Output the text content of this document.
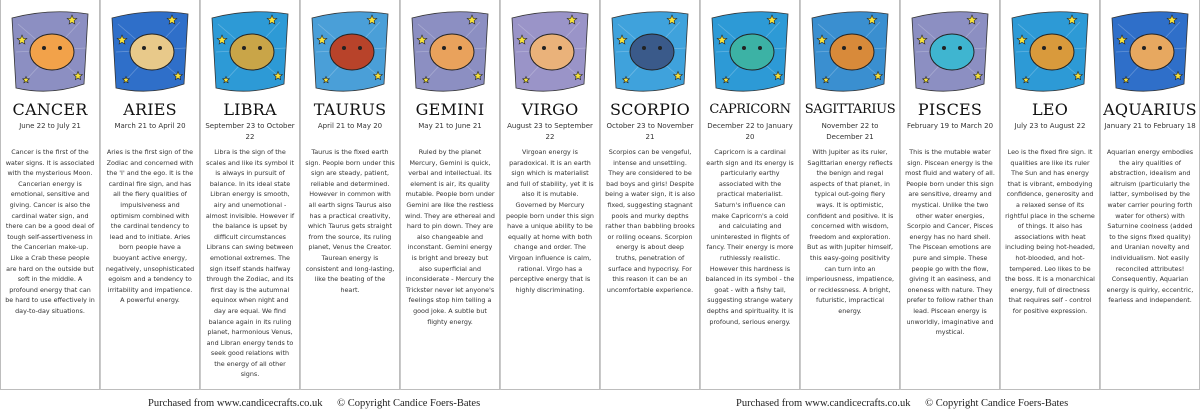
CANCER
June 22 to July 21
Cancer is the first of the water signs. It is associated with the mysterious Moon. Cancerian energy is emotional, sensitive and giving. Cancer is also the cardinal water sign, and there can be a good deal of tough self-assertiveness in the Cancerian make-up. Like a Crab these people are hard on the outside but soft in the middle. A profound energy that can be hard to use effectively in day-to-day situations.
ARIES
March 21 to April 20
Aries is the first sign of the Zodiac and concerned with the 'I' and the ego. It is the cardinal fire sign, and has all the fiery qualities of impulsiveness and optimism combined with the cardinal tendency to lead and to initiate. Aries born people have a buoyant active energy, negatively, unsophisticated egoism and a tendency to irritability and impatience. A powerful energy.
LIBRA
September 23 to October 22
Libra is the sign of the scales and like its symbol it is always in pursuit of balance. In its ideal state Libran energy is smooth, airy and unemotional - almost invisible. However if the balance is upset by difficult circumstances Librans can swing between emotional extremes. The sign itself stands halfway through the Zodiac, and its first day is the autumnal equinox when night and day are equal. We find balance again in its ruling planet, harmonious Venus, and Libran energy tends to seek good relations with the energy of all other signs.
TAURUS
April 21 to May 20
Taurus is the fixed earth sign. People born under this sign are steady, patient, reliable and determined. However in common with all earth signs Taurus also has a practical creativity, which Taurus gets straight from the source, its ruling planet, Venus the Creator. Taurean energy is consistent and long-lasting, like the beating of the heart.
GEMINI
May 21 to June 21
Ruled by the planet Mercury, Gemini is quick, verbal and intellectual. Its element is air, its quality mutable. People born under Gemini are like the restless wind. They are ethereal and hard to pin down. They are also changeable and inconstant. Gemini energy is bright and breezy but also superficial and inconsiderate - Mercury the Trickster never let anyone's feelings stop him telling a good joke. A subtle but flighty energy.
VIRGO
August 23 to September 22
Virgoan energy is paradoxical. It is an earth sign which is materialist and full of stability, yet it is also it is mutable. Governed by Mercury people born under this sign have a unique ability to be equally at home with both change and order. The Virgoan influence is calm, rational. Virgo has a perceptive energy that is highly discriminating.
SCORPIO
October 23 to November 21
Scorpios can be vengeful, intense and unsettling. They are considered to be bad boys and girls! Despite being a water sign, it is also fixed, suggesting stagnant pools and murky depths rather than babbling brooks or rolling oceans. Scorpion energy is about deep truths, penetration of surface and hypocrisy. For this reason it can be an uncomfortable experience.
CAPRICORN
December 22 to January 20
Capricorn is a cardinal earth sign and its energy is particularly earthy associated with the practical materialist. Saturn's influence can make Capricorn's a cold and calculating and uninterested in flights of fancy. Their energy is more ruthlessly realistic. However this hardness is balanced in its symbol - the goat - with a fishy tail, suggesting strange watery depths and spirituality. It is profound, serious energy.
SAGITTARIUS
November 22 to December 21
With Jupiter as its ruler, Sagittarian energy reflects the benign and regal aspects of that planet, in typical out-going fiery ways. It is optimistic, confident and positive. It is concerned with wisdom, freedom and exploration. But as with Jupiter himself, this easy-going positivity can turn into an imperiousness, impatience, or recklessness. A bright, futuristic, impractical energy.
PISCES
February 19 to March 20
This is the mutable water sign. Piscean energy is the most fluid and watery of all. People born under this sign are sensitive, dreamy and mystical. Unlike the two other water energies, Scorpio and Cancer, Pisces energy has no hard shell. The Piscean emotions are pure and simple. These people go with the flow, giving it an easiness, and oneness with nature. They prefer to follow rather than lead. Piscean energy is unworldly, imaginative and mystical.
LEO
July 23 to August 22
Leo is the fixed fire sign. It qualities are like its ruler The Sun and has energy that is vibrant, embodying confidence, generosity and a relaxed sense of its rightful place in the scheme of things. It also has associations with heat including being hot-headed, hot-blooded, and hot-tempered. Leo likes to be the boss. It is a monarchical energy, full of directness that requires self - control for positive expression.
AQUARIUS
January 21 to February 18
Aquarian energy embodies the airy qualities of abstraction, idealism and altruism (particularly the latter, symbolised by the water carrier pouring forth water for others) with Saturnine coolness (added to the signs fixed quality) and Uranian novelty and individualism. Not easily reconciled attributes! Consequently, Aquarian energy is quirky, eccentric, fearless and independent.
Purchased from www.candicecrafts.co.uk © Copyright Candice Foers-Bates	Purchased from www.candicecrafts.co.uk © Copyright Candice Foers-Bates
